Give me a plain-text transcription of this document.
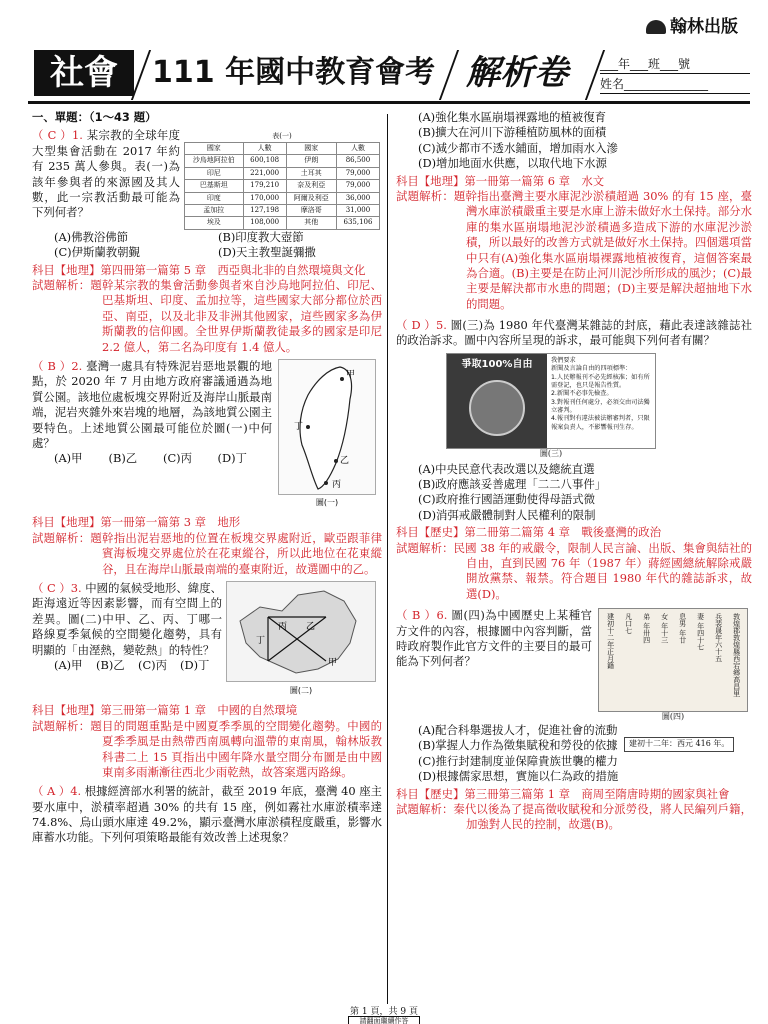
翰林出版
社會	111 年國中教育會考 解析卷	___年___班___號
姓名______________
一、單題：（1～43 題）

（ C ）1. 某宗教的全球年度大型集會活動在 2017 年約有 235 萬人參與。表(一)為該年參與者的來源國及其人數，此一宗教活動最可能為下列何者？

表(一)
國家	人數	國家	人數
沙烏地阿拉伯	600,108	伊朗	86,500
印尼	221,000	土耳其	79,000
巴基斯坦	179,210	奈及利亞	79,000
印度	170,000	阿爾及利亞	36,000
孟加拉	127,198	摩洛哥	31,000
埃及	108,000	其他	635,106
(A)佛教浴佛節	(B)印度教大壺節
(C)伊斯蘭教朝覲	(D)天主教聖誕彌撒
科目【地理】第四冊第一篇第 5 章　西亞與北非的自然環境與文化
試題解析：題幹某宗教的集會活動參與者來自沙烏地阿拉伯、印尼、巴基斯坦、印度、孟加拉等，這些國家大部分都位於西亞、南亞，以及北非及非洲其他國家，這些國家多為伊斯蘭教的信仰國。全世界伊斯蘭教徒最多的國家是印尼 2.2 億人，第二名為印度有 1.4 億人。

（ B ）2. 臺灣一處具有特殊泥岩惡地景觀的地點，於 2020 年 7 月由地方政府審議通過為地質公園。該地位處板塊交界附近及海岸山脈最南端，泥岩夾雜外來岩塊的地層，為該地質公園主要特色。上述地質公園最可能位於圖(一)中何處？

(A)甲	(B)乙	(C)丙	(D)丁
甲
乙
丙
丁
圖(一)
科目【地理】第一冊第一篇第 3 章　地形
試題解析：題幹指出泥岩惡地的位置在板塊交界處附近，歐亞跟菲律賓海板塊交界處位於在花東縱谷，所以此地位在花東縱谷，且在海岸山脈最南端的臺東附近，故選圖中的乙。

（ C ）3. 中國的氣候受地形、緯度、距海遠近等因素影響，而有空間上的差異。圖(二)中甲、乙、丙、丁哪一路線夏季氣候的空間變化趨勢，具有明顯的「由溼熱，變乾熱」的特性？

(A)甲	(B)乙	(C)丙	(D)丁	甲
乙
丙
丁
圖(二)
科目【地理】第三冊第一篇第 1 章　中國的自然環境
試題解析：題目的問題重點是中國夏季季風的空間變化趨勢。中國的夏季季風是由熱帶西南風轉向溫帶的東南風，翰林版教科書二上 15 頁指出中國年降水量空間分布圖是由中國東南多雨漸漸往西北少雨乾熱，故答案選丙路線。

（ A ）4. 根據經濟部水利署的統計，截至 2019 年底，臺灣 40 座主要水庫中，淤積率超過 30% 的共有 15 座，例如霧社水庫淤積率達 74.8%、烏山頭水庫達 49.2%，顯示臺灣水庫淤積程度嚴重，影響水庫蓄水功能。下列何項策略最能有效改善上述現象？

(A)強化集水區崩塌裸露地的植被復育
(B)擴大在河川下游種植防風林的面積
(C)減少都市不透水鋪面，增加雨水入滲
(D)增加地面水供應，以取代地下水源
科目【地理】第一冊第一篇第 6 章　水文
試題解析：題幹指出臺灣主要水庫泥沙淤積超過 30% 的有 15 座，臺灣水庫淤積嚴重主要是水庫上游未做好水土保持。部分水庫的集水區崩塌地泥沙淤積過多造成下游的水庫泥沙淤積，所以最好的改善方式就是做好水土保持。四個選項當中只有(A)強化集水區崩塌裸露地植被復育，這個答案最為合適。(B)主要是在防止河川泥沙所形成的風沙；(C)最主要是解決都市水患的問題；(D)主要是解決超抽地下水的問題。

（ D ）5. 圖(三)為 1980 年代臺灣某雜誌的封底，藉此表達該雜誌社的政治訴求。圖中內容所呈現的訴求，最可能與下列何者有關？

爭取100%自由	我們要求
新聞及言論自由的四項標準：
1.人民辦報刊不必先經核准；如有所需登記，也只是報告性質。
2.新聞不必事先檢查。
3.對報刊任何處分，必須交由司法獨立審判。
4.報刊對有違法被法辦審判者，只限報案負責人，不影響報刊生存。
圖(三)
(A)中央民意代表改選以及總統直選
(B)政府應該妥善處理「二二八事件」
(C)政府推行國語運動使得母語式微
(D)消弭戒嚴體制對人民權利的限制
科目【歷史】第二冊第二篇第 4 章　戰後臺灣的政治
試題解析：民國 38 年的戒嚴令，限制人民言論、出版、集會與結社的自由，直到民國 76 年（1987 年）蔣經國總統解除戒嚴開放黨禁、報禁。符合題目 1980 年代的雜誌訴求，故選(D)。

（ B ）6. 圖(四)為中國歷史上某種官方文件的內容，根據圖中內容判斷，當時政府製作此官方文件的主要目的最可能為下列何者？	敦煌郡敦煌縣西宕鄉高昌里
兵裴晟年六十五
妻 年四十七
息男 年廿
女 年十三
弟 年卅四
凡口七
建初十二年正月籍
圖(四)
(A)配合科舉選拔人才，促進社會的流動
(B)掌握人力作為徵集賦稅和勞役的依據	建初十二年：西元 416 年。
(C)推行封建制度並保障貴族世襲的權力
(D)根據儒家思想，實施以仁為政的措施
科目【歷史】第三冊第三篇第 1 章　商周至隋唐時期的國家與社會
試題解析：秦代以後為了提高徵收賦稅和分派勞役，將人民編列戶籍，加強對人民的控制，故選(B)。
第 1 頁，共 9 頁
請翻面繼續作答
